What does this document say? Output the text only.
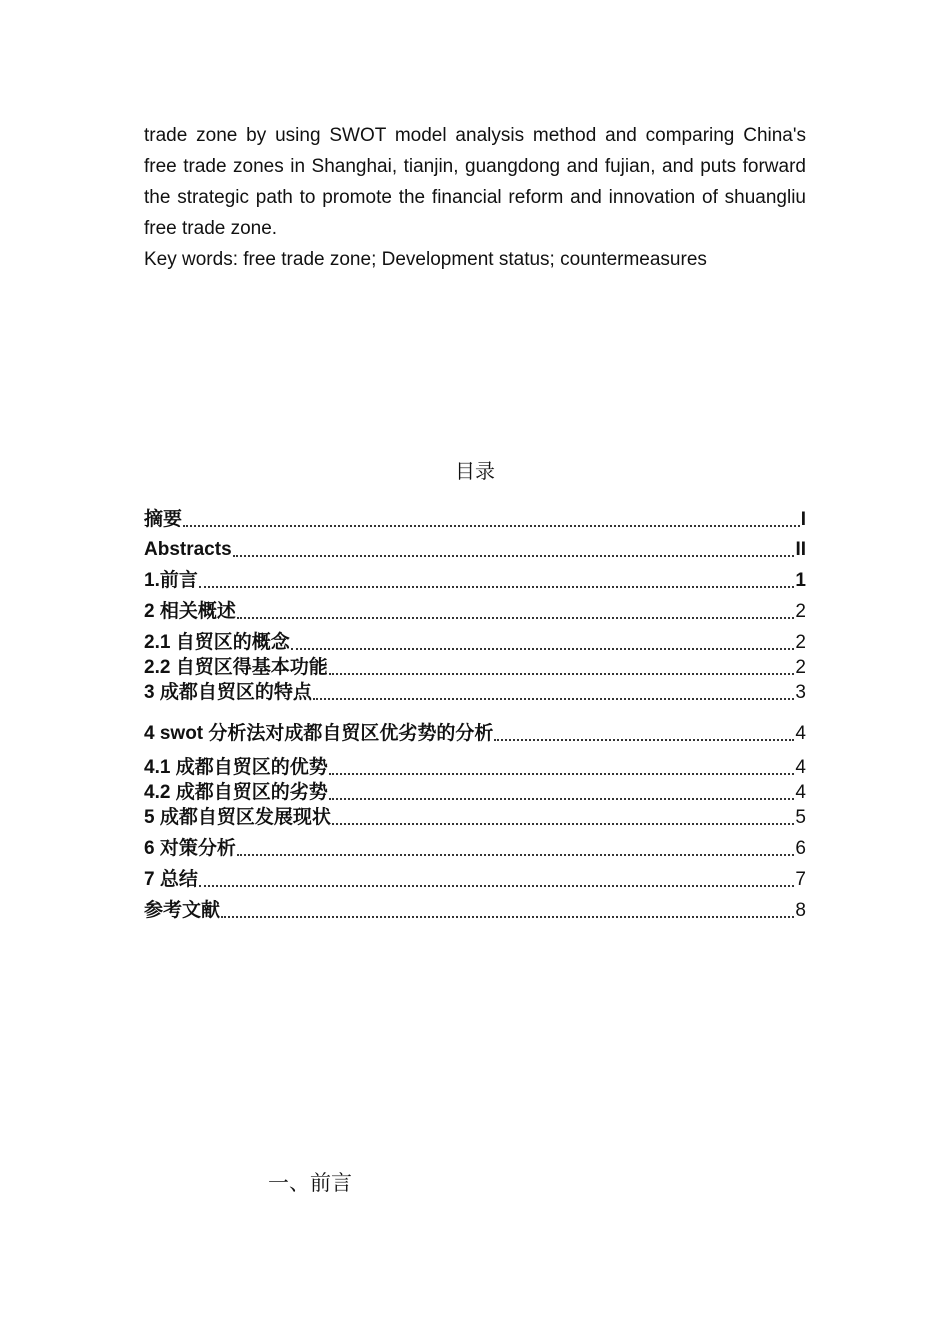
trade zone by using SWOT model analysis method and comparing China's free trade zones in Shanghai, tianjin, guangdong and fujian, and puts forward the strategic path to promote the financial reform and innovation of shuangliu free trade zone.

Key words: free trade zone; Development status; countermeasures

目录
摘要	I
Abstracts	II
1.前言	1
2 相关概述	2
2.1 自贸区的概念	2
2.2 自贸区得基本功能	2
3 成都自贸区的特点	3
4 swot 分析法对成都自贸区优劣势的分析	4
4.1 成都自贸区的优势	4
4.2 成都自贸区的劣势	4
5 成都自贸区发展现状	5
6 对策分析	6
7 总结	7
参考文献	8
一、前言
